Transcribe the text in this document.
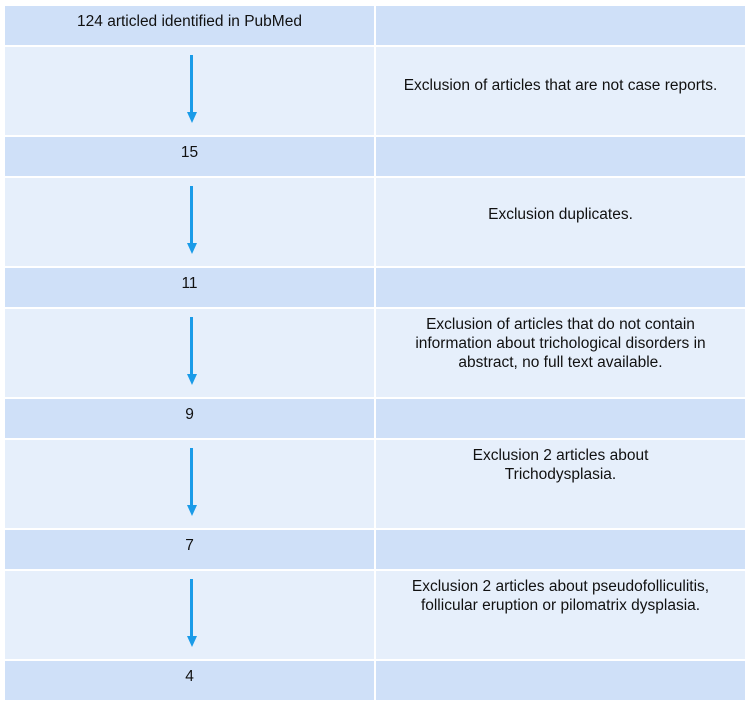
124 articled identified in PubMed
Exclusion of articles that are not case reports.
15
Exclusion duplicates.
11
Exclusion of articles that do not contain
information about trichological disorders in
abstract, no full text available.
9
Exclusion 2 articles about
Trichodysplasia.
7
Exclusion 2 articles about pseudofolliculitis,
follicular eruption or pilomatrix dysplasia.
4
